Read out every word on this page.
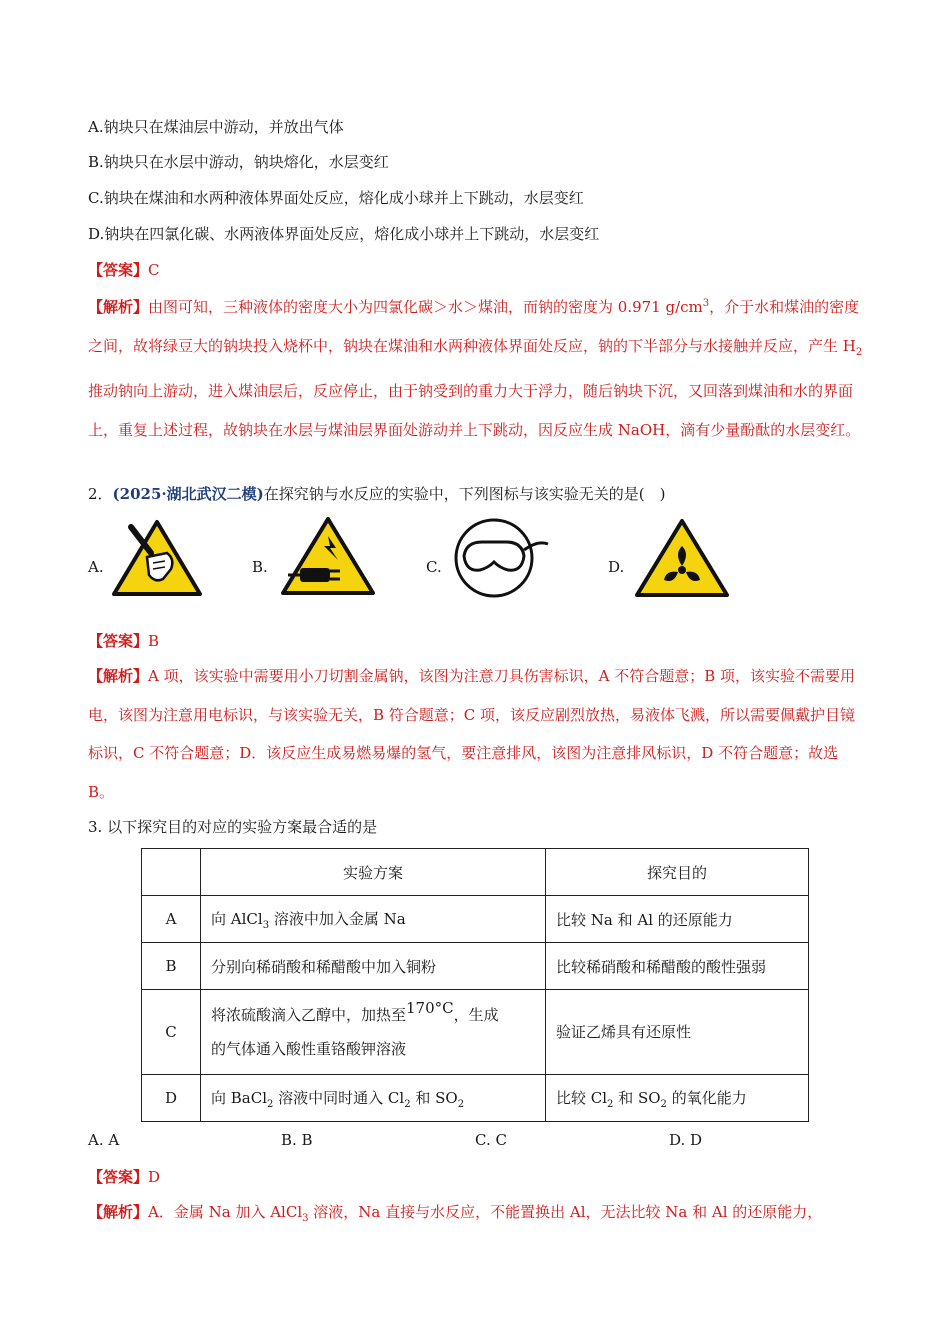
A.钠块只在煤油层中游动，并放出气体
B.钠块只在水层中游动，钠块熔化，水层变红
C.钠块在煤油和水两种液体界面处反应，熔化成小球并上下跳动，水层变红
D.钠块在四氯化碳、水两液体界面处反应，熔化成小球并上下跳动，水层变红
【答案】C
【解析】由图可知，三种液体的密度大小为四氯化碳＞水＞煤油，而钠的密度为 0.971 $g/cm^3$，介于水和煤油的密度之间，故将绿豆大的钠块投入烧杯中，钠块在煤油和水两种液体界面处反应，钠的下半部分与水接触并反应，产生 $H_2$推动钠向上游动，进入煤油层后，反应停止，由于钠受到的重力大于浮力，随后钠块下沉，又回落到煤油和水的界面上，重复上述过程，故钠块在水层与煤油层界面处游动并上下跳动，因反应生成 NaOH，滴有少量酚酞的水层变红。
2．(2025·湖北武汉二模)在探究钠与水反应的实验中，下列图标与该实验无关的是(　)
A.	B.	C.	D.
【答案】B
【解析】A 项，该实验中需要用小刀切割金属钠，该图为注意刀具伤害标识，A 不符合题意；B 项，该实验不需要用电，该图为注意用电标识，与该实验无关，B 符合题意；C 项，该反应剧烈放热，易液体飞溅，所以需要佩戴护目镜标识，C 不符合题意；D．该反应生成易燃易爆的氢气，要注意排风，该图为注意排风标识，D 不符合题意；故选 B。
3. 以下探究目的对应的实验方案最合适的是
	实验方案	探究目的
A	向 AlCl$_3$ 溶液中加入金属 Na	比较 Na 和 Al 的还原能力
B	分别向稀硝酸和稀醋酸中加入铜粉	比较稀硝酸和稀醋酸的酸性强弱
C	将浓硫酸滴入乙醇中，加热至170°C，生成
的气体通入酸性重铬酸钾溶液	验证乙烯具有还原性
D	向 BaCl$_2$ 溶液中同时通入 $Cl_2$ 和 $SO_2$	比较 $Cl_2$ 和 $SO_2$ 的氧化能力
A. A	B. B	C. C	D. D
【答案】D
【解析】A．金属 Na 加入 AlCl$_3$ 溶液，Na 直接与水反应，不能置换出 Al，无法比较 Na 和 Al 的还原能力，
